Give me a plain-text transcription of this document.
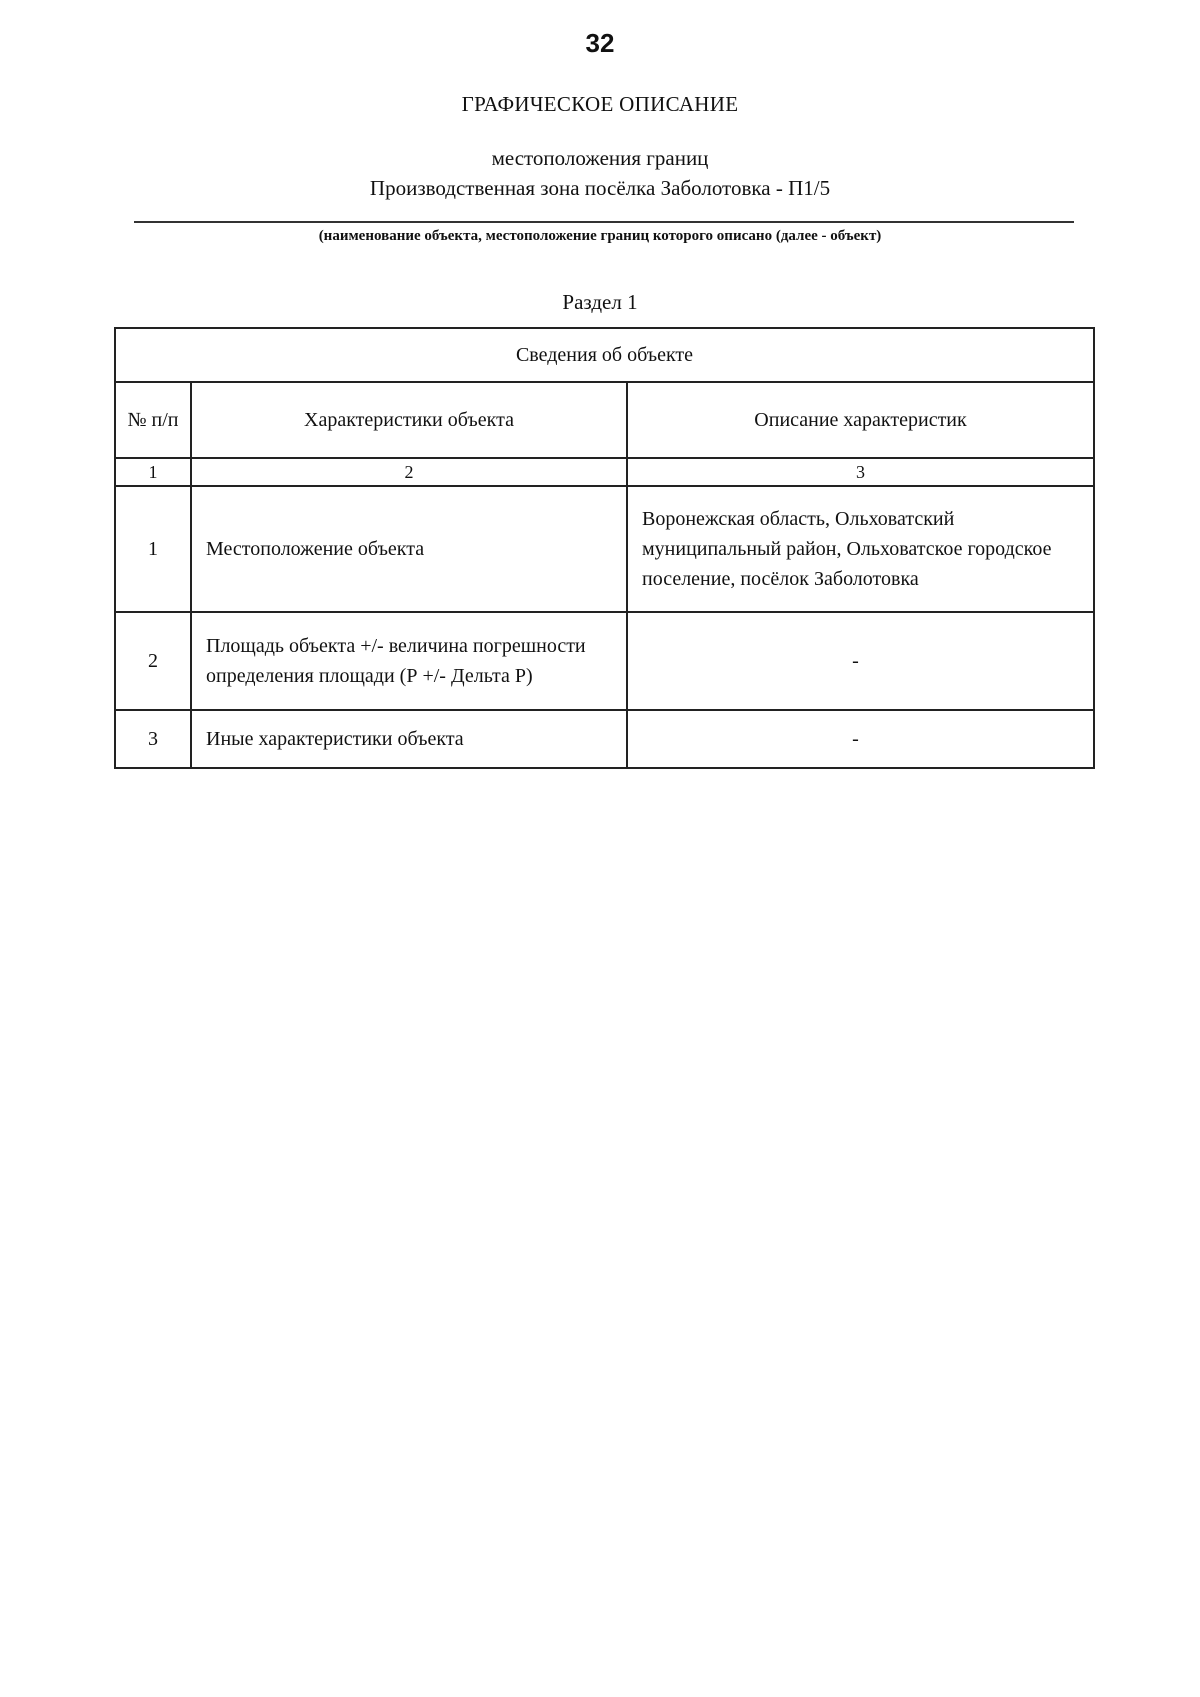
32
ГРАФИЧЕСКОЕ ОПИСАНИЕ
местоположения границ
Производственная зона посёлка Заболотовка - П1/5
(наименование объекта, местоположение границ которого описано (далее - объект)
Раздел 1
Сведения об объекте		
№ п/п	Характеристики объекта	Описание характеристик
1	2	3
1	Местоположение объекта	Воронежская область, Ольховатский муниципальный район, Ольховатское городское поселение, посёлок Заболотовка
2	Площадь объекта +/- величина погрешности определения площади (Р +/- Дельта Р)	-
3	Иные характеристики объекта	-
